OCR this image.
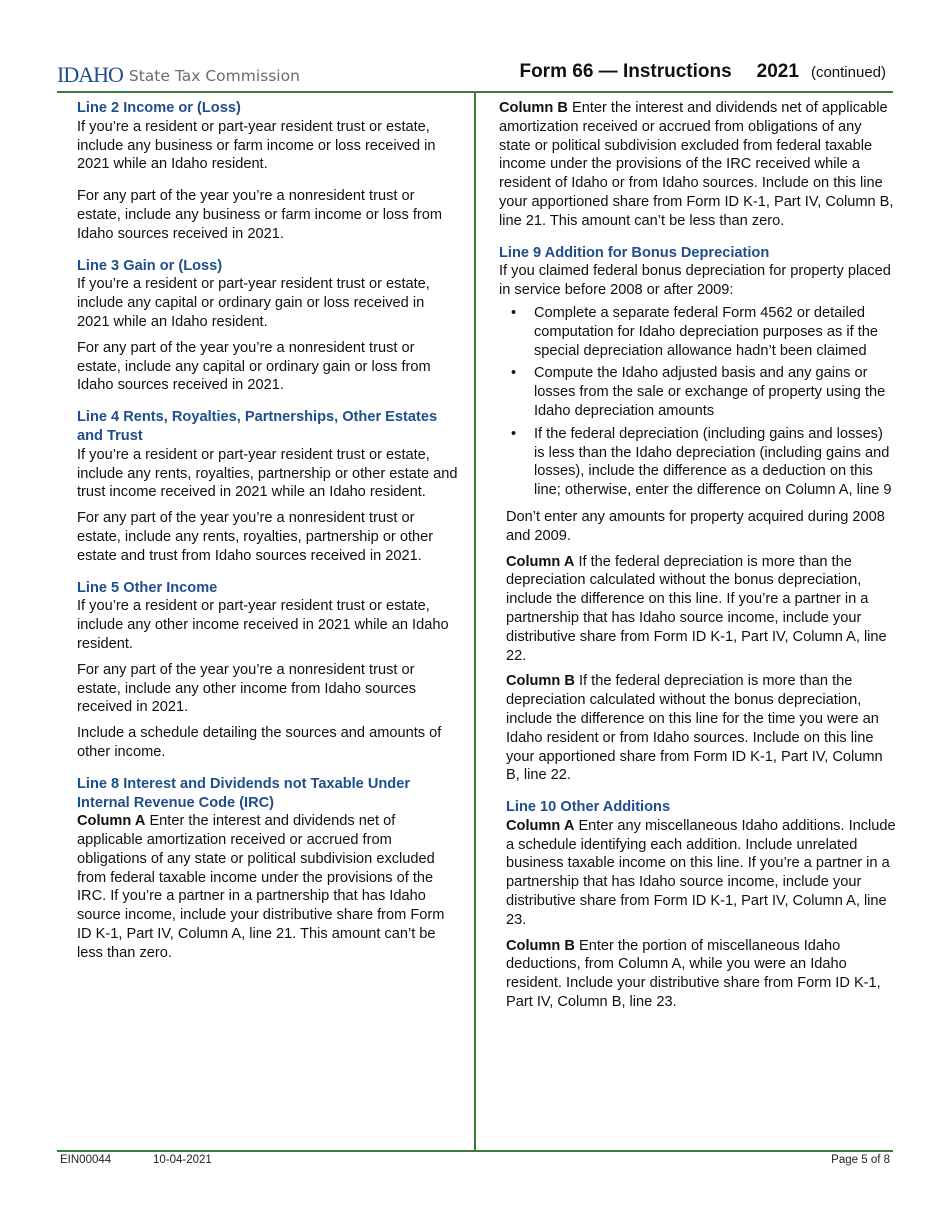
IDAHO State Tax Commission	Form 66 — Instructions 2021 (continued)

Line 2 Income or (Loss)

If you’re a resident or part-year resident trust or estate, include any business or farm income or loss received in 2021 while an Idaho resident.

For any part of the year you’re a nonresident trust or estate, include any business or farm income or loss from Idaho sources received in 2021.

Line 3 Gain or (Loss)

If you’re a resident or part-year resident trust or estate, include any capital or ordinary gain or loss received in 2021 while an Idaho resident.

For any part of the year you’re a nonresident trust or estate, include any capital or ordinary gain or loss from Idaho sources received in 2021.

Line 4 Rents, Royalties, Partnerships, Other Estates and Trust

If you’re a resident or part-year resident trust or estate, include any rents, royalties, partnership or other estate and trust income received in 2021 while an Idaho resident.

For any part of the year you’re a nonresident trust or estate, include any rents, royalties, partnership or other estate and trust from Idaho sources received in 2021.

Line 5 Other Income

If you’re a resident or part-year resident trust or estate, include any other income received in 2021 while an Idaho resident.

For any part of the year you’re a nonresident trust or estate, include any other income from Idaho sources received in 2021.

Include a schedule detailing the sources and amounts of other income.

Line 8 Interest and Dividends not Taxable Under Internal Revenue Code (IRC)

Column A Enter the interest and dividends net of applicable amortization received or accrued from obligations of any state or political subdivision excluded from federal taxable income under the provisions of the IRC. If you’re a partner in a partnership that has Idaho source income, include your distributive share from Form ID K-1, Part IV, Column A, line 21. This amount can’t be less than zero.

Column B Enter the interest and dividends net of applicable amortization received or accrued from obligations of any state or political subdivision excluded from federal taxable income under the provisions of the IRC received while a resident of Idaho or from Idaho sources. Include on this line your apportioned share from Form ID K-1, Part IV, Column B, line 21. This amount can’t be less than zero.

Line 9 Addition for Bonus Depreciation

If you claimed federal bonus depreciation for property placed in service before 2008 or after 2009:

• Complete a separate federal Form 4562 or detailed computation for Idaho depreciation purposes as if the special depreciation allowance hadn’t been claimed
• Compute the Idaho adjusted basis and any gains or losses from the sale or exchange of property using the Idaho depreciation amounts
• If the federal depreciation (including gains and losses) is less than the Idaho depreciation (including gains and losses), include the difference as a deduction on this line; otherwise, enter the difference on Column A, line 9

Don’t enter any amounts for property acquired during 2008 and 2009.

Column A If the federal depreciation is more than the depreciation calculated without the bonus depreciation, include the difference on this line. If you’re a partner in a partnership that has Idaho source income, include your distributive share from Form ID K-1, Part IV, Column A, line 22.

Column B If the federal depreciation is more than the depreciation calculated without the bonus depreciation, include the difference on this line for the time you were an Idaho resident or from Idaho sources. Include on this line your apportioned share from Form ID K-1, Part IV, Column B, line 22.

Line 10 Other Additions

Column A Enter any miscellaneous Idaho additions. Include a schedule identifying each addition. Include unrelated business taxable income on this line. If you’re a partner in a partnership that has Idaho source income, include your distributive share from Form ID K-1, Part IV, Column A, line 23.

Column B Enter the portion of miscellaneous Idaho deductions, from Column A, while you were an Idaho resident. Include your distributive share from Form ID K-1, Part IV, Column B, line 23.

EIN00044	10-04-2021	Page 5 of 8
